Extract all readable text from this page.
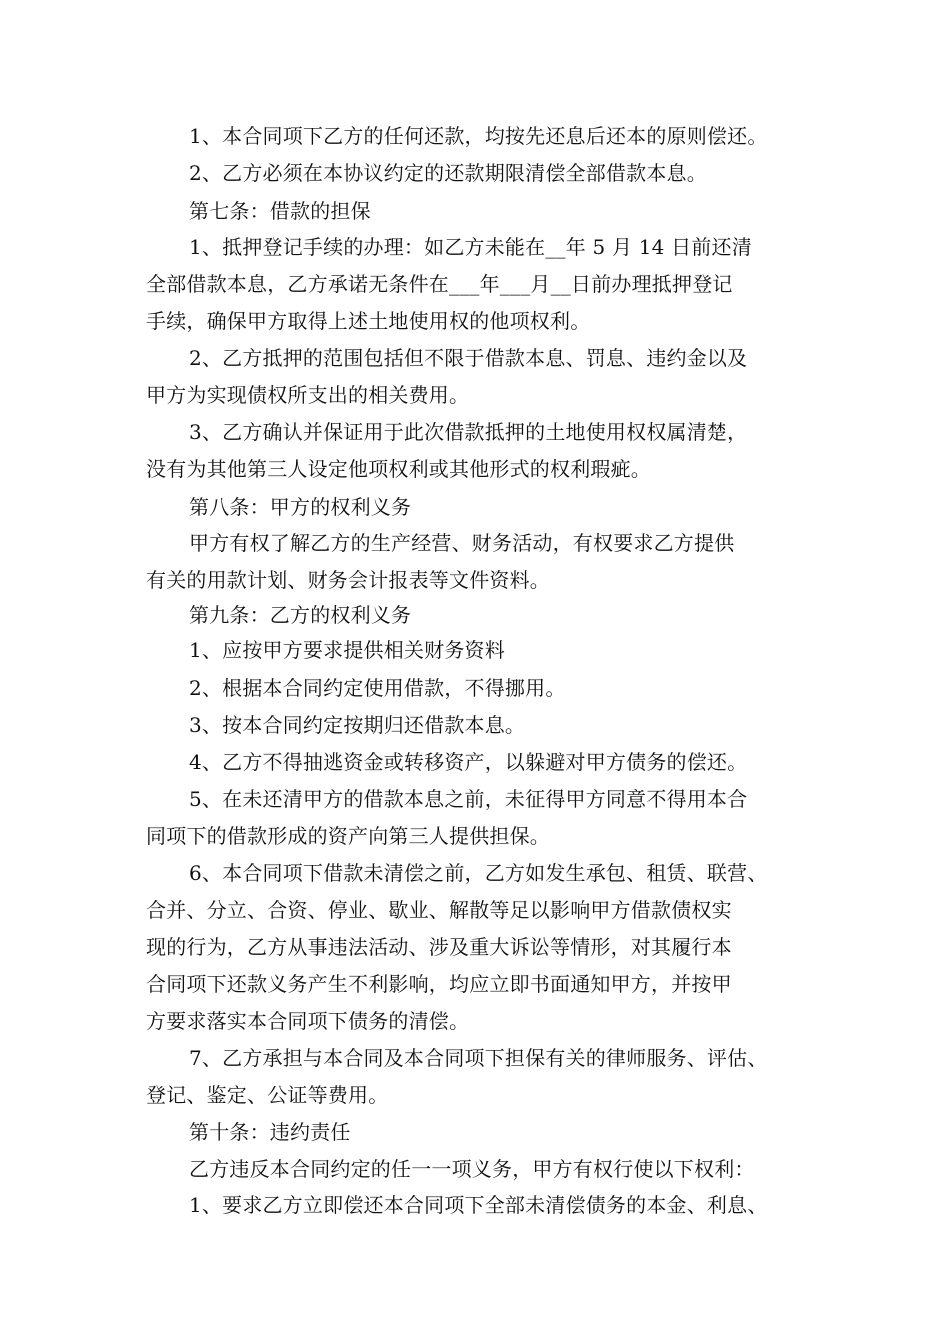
1、本合同项下乙方的任何还款，均按先还息后还本的原则偿还。
2、乙方必须在本协议约定的还款期限清偿全部借款本息。
第七条：借款的担保
1、抵押登记手续的办理：如乙方未能在__年 5 月 14 日前还清
全部借款本息，乙方承诺无条件在___年___月__日前办理抵押登记
手续，确保甲方取得上述土地使用权的他项权利。
2、乙方抵押的范围包括但不限于借款本息、罚息、违约金以及
甲方为实现债权所支出的相关费用。
3、乙方确认并保证用于此次借款抵押的土地使用权权属清楚，
没有为其他第三人设定他项权利或其他形式的权利瑕疵。
第八条：甲方的权利义务
甲方有权了解乙方的生产经营、财务活动，有权要求乙方提供
有关的用款计划、财务会计报表等文件资料。
第九条：乙方的权利义务
1、应按甲方要求提供相关财务资料
2、根据本合同约定使用借款，不得挪用。
3、按本合同约定按期归还借款本息。
4、乙方不得抽逃资金或转移资产，以躲避对甲方债务的偿还。
5、在未还清甲方的借款本息之前，未征得甲方同意不得用本合
同项下的借款形成的资产向第三人提供担保。
6、本合同项下借款未清偿之前，乙方如发生承包、租赁、联营、
合并、分立、合资、停业、歇业、解散等足以影响甲方借款债权实
现的行为，乙方从事违法活动、涉及重大诉讼等情形，对其履行本
合同项下还款义务产生不利影响，均应立即书面通知甲方，并按甲
方要求落实本合同项下债务的清偿。
7、乙方承担与本合同及本合同项下担保有关的律师服务、评估、
登记、鉴定、公证等费用。
第十条：违约责任
乙方违反本合同约定的任一一项义务，甲方有权行使以下权利：
1、要求乙方立即偿还本合同项下全部未清偿债务的本金、利息、
